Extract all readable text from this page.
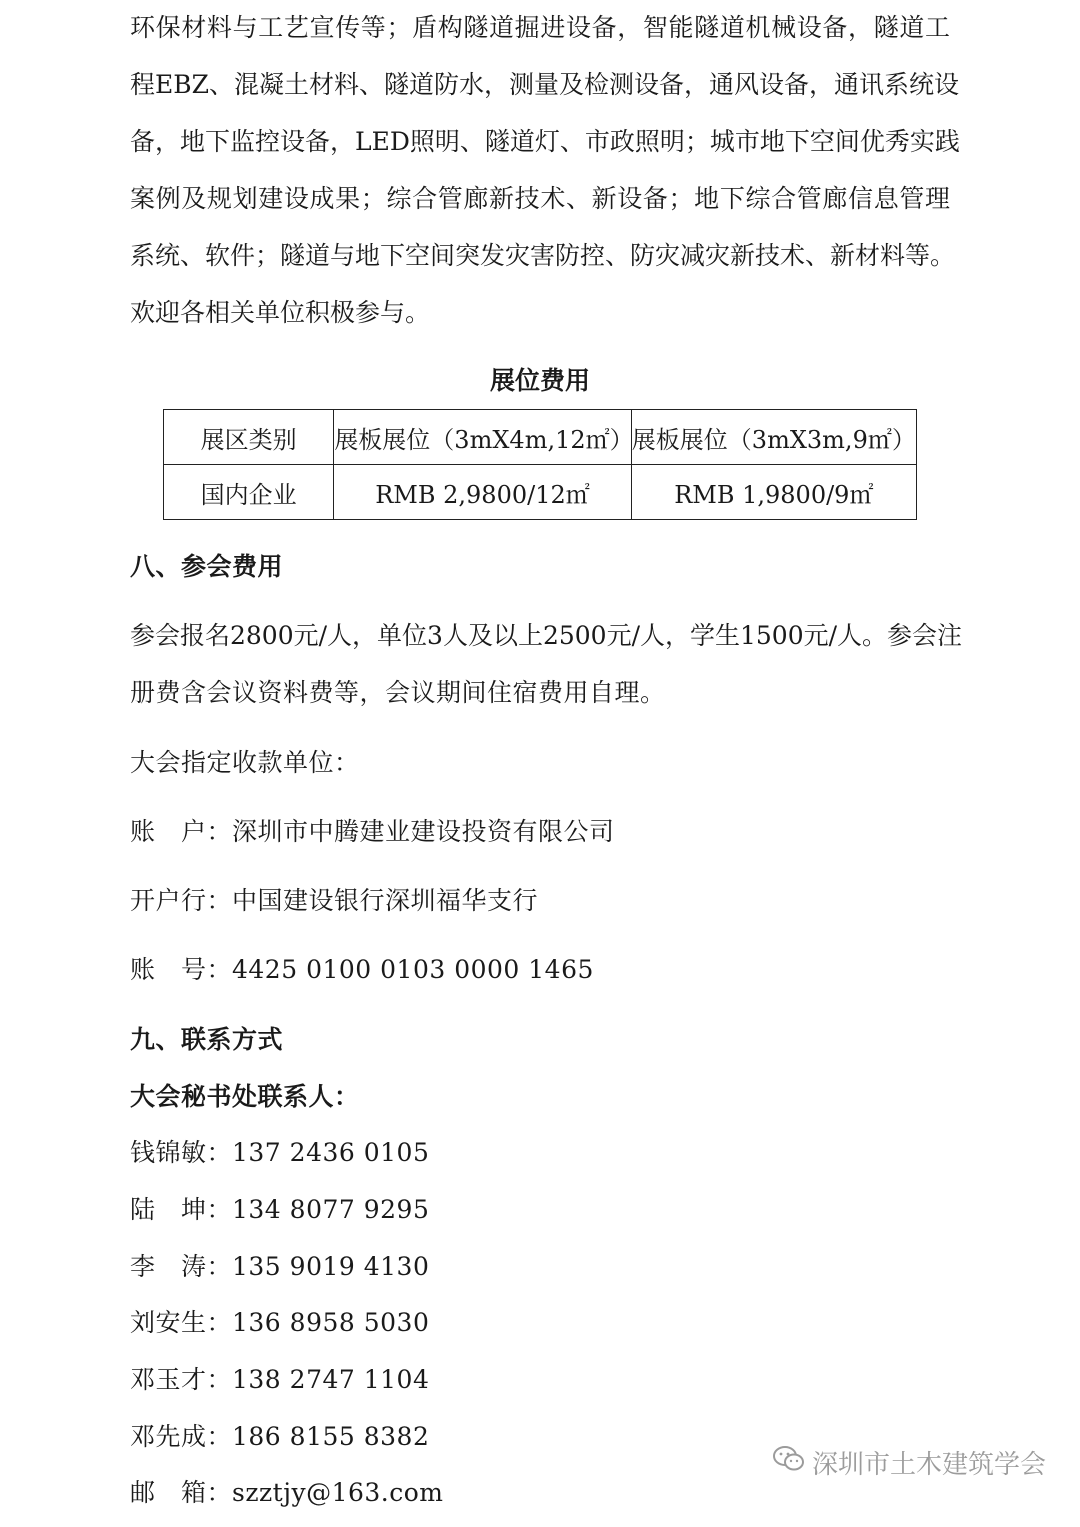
环保材料与工艺宣传等；盾构隧道掘进设备，智能隧道机械设备，隧道工
程EBZ、混凝土材料、隧道防水，测量及检测设备，通风设备，通讯系统设
备，地下监控设备，LED照明、隧道灯、市政照明；城市地下空间优秀实践
案例及规划建设成果；综合管廊新技术、新设备；地下综合管廊信息管理
系统、软件；隧道与地下空间突发灾害防控、防灾减灾新技术、新材料等。
欢迎各相关单位积极参与。
展位费用
展区类别	展板展位（3mX4m,12㎡）	展板展位（3mX3m,9㎡）
国内企业	RMB 2,9800/12㎡	RMB 1,9800/9㎡
八、参会费用
参会报名2800元/人，单位3人及以上2500元/人，学生1500元/人。参会注
册费含会议资料费等，会议期间住宿费用自理。
大会指定收款单位：
账　户：深圳市中腾建业建设投资有限公司
开户行：中国建设银行深圳福华支行
账　号：4425 0100 0103 0000 1465
九、联系方式
大会秘书处联系人：
钱锦敏：137 2436 0105
陆　坤：134 8077 9295
李　涛：135 9019 4130
刘安生：136 8958 5030
邓玉才：138 2747 1104
邓先成：186 8155 8382
邮　箱：szztjy@163.com
深圳市土木建筑学会
